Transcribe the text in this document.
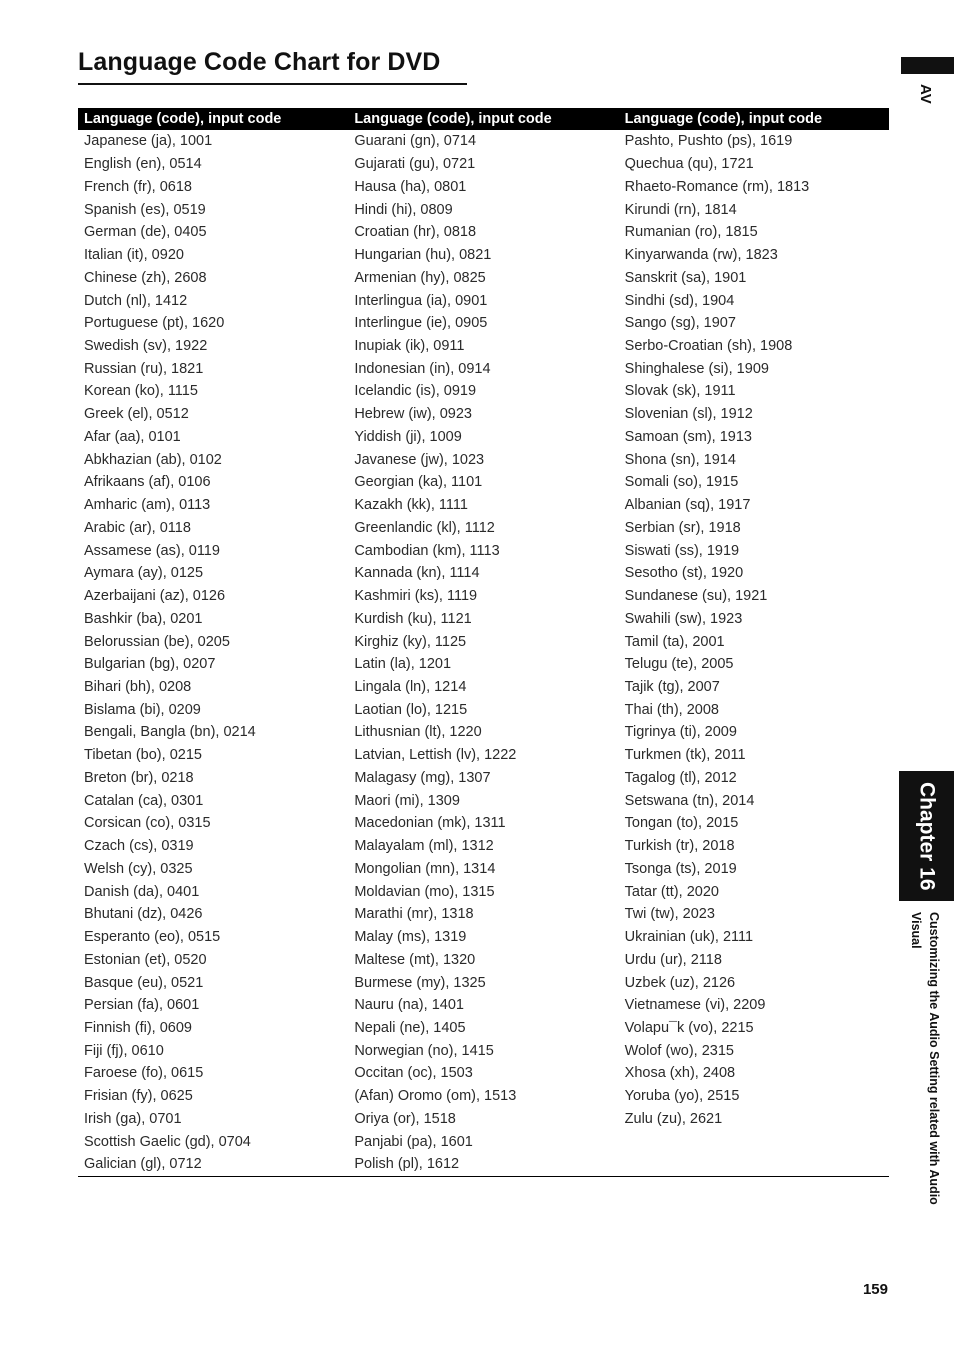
Language Code Chart for DVD
Language (code), input code	Language (code), input code	Language (code), input code
Japanese (ja), 1001	Guarani (gn), 0714	Pashto, Pushto (ps), 1619
English (en), 0514	Gujarati (gu), 0721	Quechua (qu), 1721
French (fr), 0618	Hausa (ha), 0801	Rhaeto-Romance (rm), 1813
Spanish (es), 0519	Hindi (hi), 0809	Kirundi (rn), 1814
German (de), 0405	Croatian (hr), 0818	Rumanian (ro), 1815
Italian (it), 0920	Hungarian (hu), 0821	Kinyarwanda (rw), 1823
Chinese (zh), 2608	Armenian (hy), 0825	Sanskrit (sa), 1901
Dutch (nl), 1412	Interlingua (ia), 0901	Sindhi (sd), 1904
Portuguese (pt), 1620	Interlingue (ie), 0905	Sango (sg), 1907
Swedish (sv), 1922	Inupiak (ik), 0911	Serbo-Croatian (sh), 1908
Russian (ru), 1821	Indonesian (in), 0914	Shinghalese (si), 1909
Korean (ko), 1115	Icelandic (is), 0919	Slovak (sk), 1911
Greek (el), 0512	Hebrew (iw), 0923	Slovenian (sl), 1912
Afar (aa), 0101	Yiddish (ji), 1009	Samoan (sm), 1913
Abkhazian (ab), 0102	Javanese (jw), 1023	Shona (sn), 1914
Afrikaans (af), 0106	Georgian (ka), 1101	Somali (so), 1915
Amharic (am), 0113	Kazakh (kk), 1111	Albanian (sq), 1917
Arabic (ar), 0118	Greenlandic (kl), 1112	Serbian (sr), 1918
Assamese (as), 0119	Cambodian (km), 1113	Siswati (ss), 1919
Aymara (ay), 0125	Kannada (kn), 1114	Sesotho (st), 1920
Azerbaijani (az), 0126	Kashmiri (ks), 1119	Sundanese (su), 1921
Bashkir (ba), 0201	Kurdish (ku), 1121	Swahili (sw), 1923
Belorussian (be), 0205	Kirghiz (ky), 1125	Tamil (ta), 2001
Bulgarian (bg), 0207	Latin (la), 1201	Telugu (te), 2005
Bihari (bh), 0208	Lingala (ln), 1214	Tajik (tg), 2007
Bislama (bi), 0209	Laotian (lo), 1215	Thai (th), 2008
Bengali, Bangla (bn), 0214	Lithusnian (lt), 1220	Tigrinya (ti), 2009
Tibetan (bo), 0215	Latvian, Lettish (lv), 1222	Turkmen (tk), 2011
Breton (br), 0218	Malagasy (mg), 1307	Tagalog (tl), 2012
Catalan (ca), 0301	Maori (mi), 1309	Setswana (tn), 2014
Corsican (co), 0315	Macedonian (mk), 1311	Tongan (to), 2015
Czach (cs), 0319	Malayalam (ml), 1312	Turkish (tr), 2018
Welsh (cy), 0325	Mongolian (mn), 1314	Tsonga (ts), 2019
Danish (da), 0401	Moldavian (mo), 1315	Tatar (tt), 2020
Bhutani (dz), 0426	Marathi (mr), 1318	Twi (tw), 2023
Esperanto (eo), 0515	Malay (ms), 1319	Ukrainian (uk), 2111
Estonian (et), 0520	Maltese (mt), 1320	Urdu (ur), 2118
Basque (eu), 0521	Burmese (my), 1325	Uzbek (uz), 2126
Persian (fa), 0601	Nauru (na), 1401	Vietnamese (vi), 2209
Finnish (fi), 0609	Nepali (ne), 1405	Volapu¯k (vo), 2215
Fiji (fj), 0610	Norwegian (no), 1415	Wolof (wo), 2315
Faroese (fo), 0615	Occitan (oc), 1503	Xhosa (xh), 2408
Frisian (fy), 0625	(Afan) Oromo (om), 1513	Yoruba (yo), 2515
Irish (ga), 0701	Oriya (or), 1518	Zulu (zu), 2621
Scottish Gaelic (gd), 0704	Panjabi (pa), 1601	
Galician (gl), 0712	Polish (pl), 1612	
AV
Chapter 16
Customizing the Audio Setting related with Audio Visual
159
